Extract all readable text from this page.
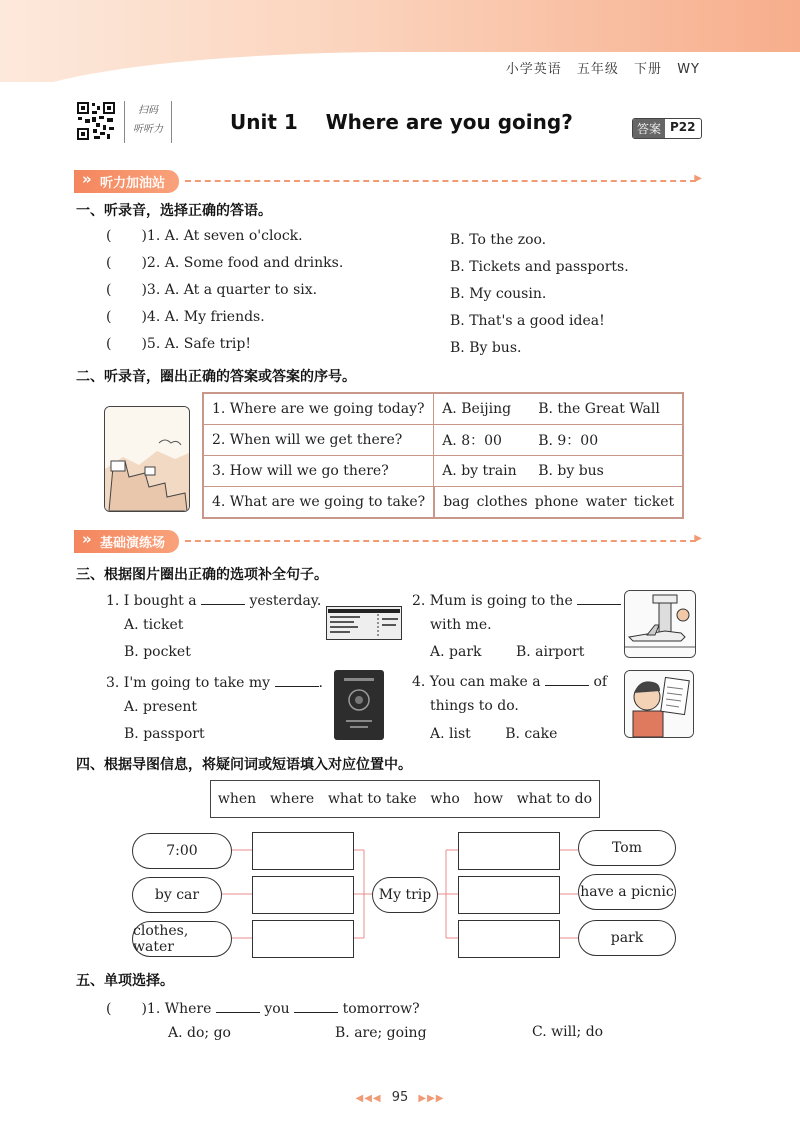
小学英语 五年级 下册 WY
扫码
听听力	Unit 1    Where are you going?	答案 P22
» 听力加油站
▶
一、听录音，选择正确的答语。
( )1. A. At seven o'clock.	B. To the zoo.
( )2. A. Some food and drinks.	B. Tickets and passports.
( )3. A. At a quarter to six.	B. My cousin.
( )4. A. My friends.	B. That's a good idea!
( )5. A. Safe trip!	B. By bus.
二、听录音，圈出正确的答案或答案的序号。
1. Where are we going today?	A. Beijing B. the Great Wall
2. When will we get there?	A. 8：00 B. 9：00
3. How will we go there?	A. by train B. by bus
4. What are we going to take?	bag clothes phone water ticket
» 基础演练场
▶
三、根据图片圈出正确的选项补全句子。
1. I bought a	yesterday.
A. ticket
B. pocket
2. Mum is going to the
with me.
A. park B. airport
3. I'm going to take my	.
A. present
B. passport
4. You can make a	of
things to do.
A. list B. cake
四、根据导图信息，将疑问词或短语填入对应位置中。
when where what to take who how what to do
7:00
by car
clothes, water
My trip
Tom
have a picnic
park
五、单项选择。
( )1. Where	you	tomorrow?
A. do; go	B. are; going	C. will; do
◀◀◀ 95 ▶▶▶
